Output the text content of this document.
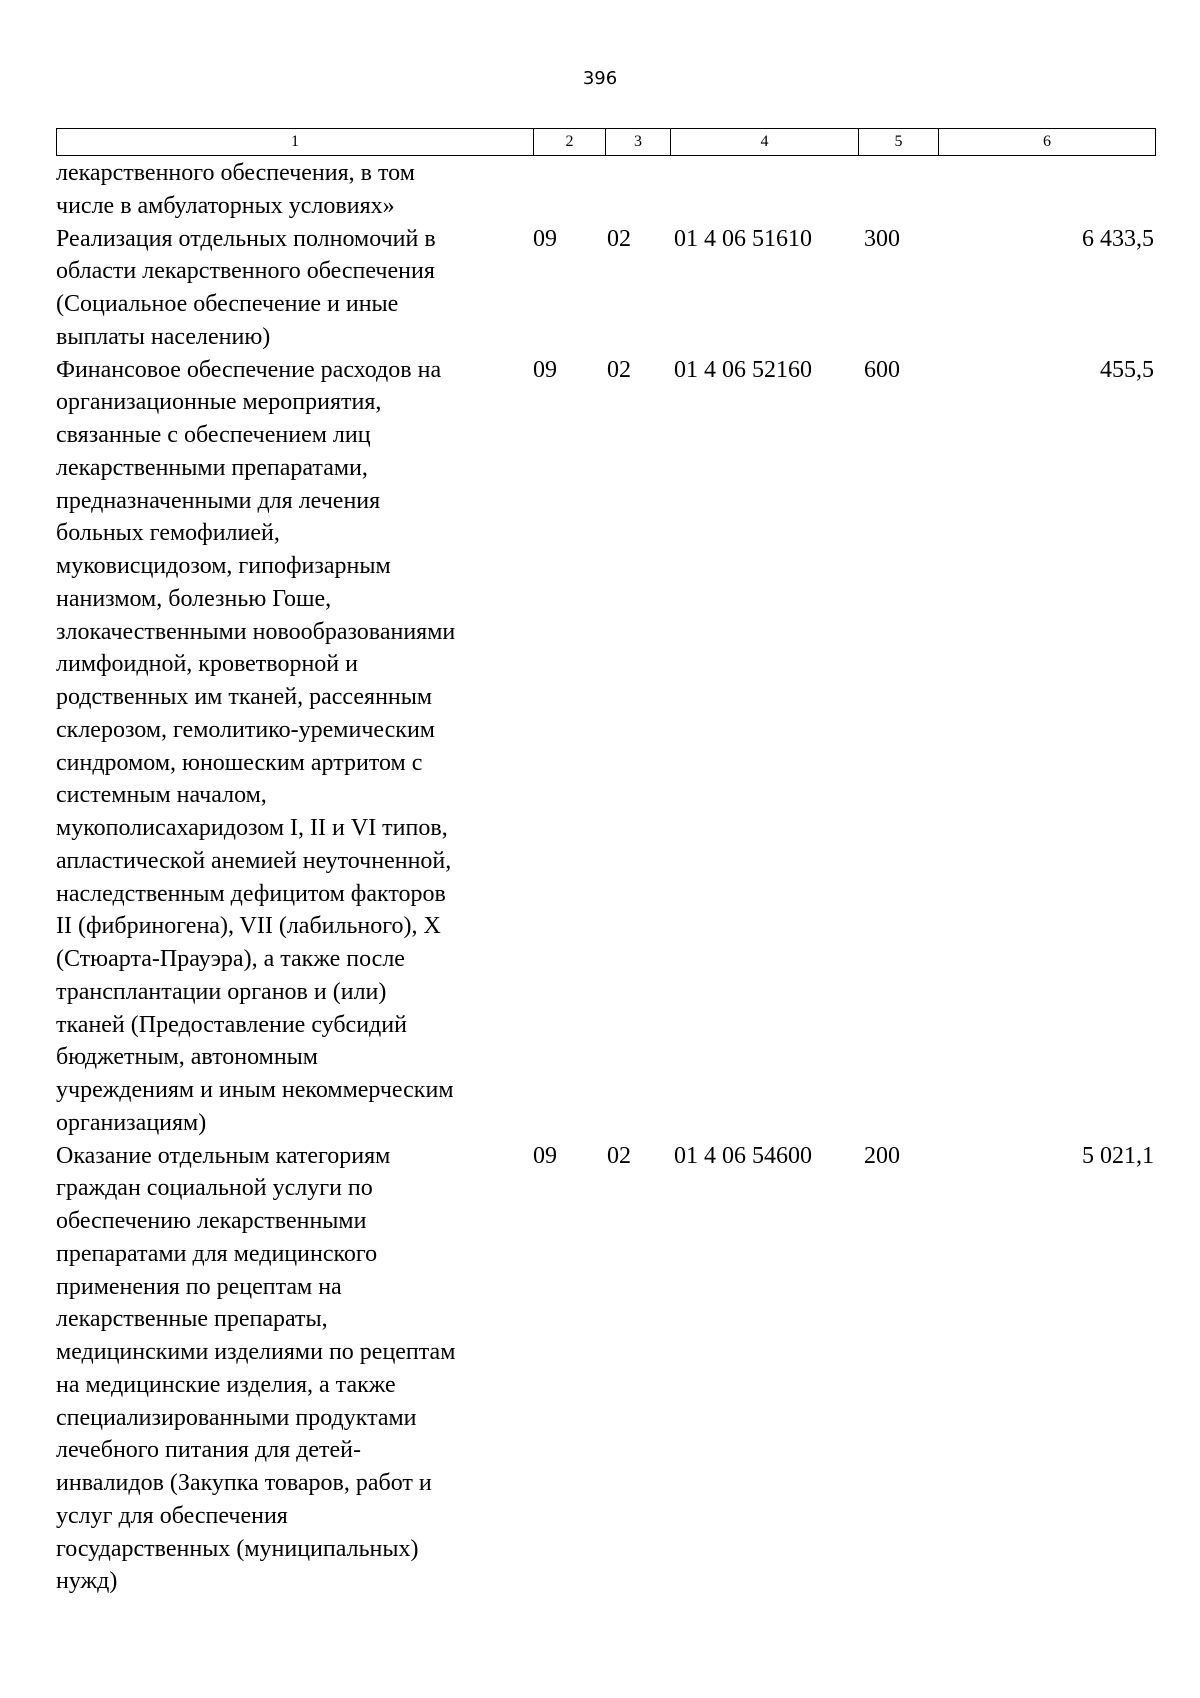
396
1	2	3	4	5	6
лекарственного обеспечения, в том
числе в амбулаторных условиях»
Реализация отдельных полномочий в
области лекарственного обеспечения
(Социальное обеспечение и иные
выплаты населению)
09	02	01 4 06 51610	300	6 433,5
Финансовое обеспечение расходов на
организационные мероприятия,
связанные с обеспечением лиц
лекарственными препаратами,
предназначенными для лечения
больных гемофилией,
муковисцидозом, гипофизарным
нанизмом, болезнью Гоше,
злокачественными новообразованиями
лимфоидной, кроветворной и
родственных им тканей, рассеянным
склерозом, гемолитико-уремическим
синдромом, юношеским артритом с
системным началом,
мукополисахаридозом I, II и VI типов,
апластической анемией неуточненной,
наследственным дефицитом факторов
II (фибриногена), VII (лабильного), X
(Стюарта-Прауэра), а также после
трансплантации органов и (или)
тканей (Предоставление субсидий
бюджетным, автономным
учреждениям и иным некоммерческим
организациям)
09	02	01 4 06 52160	600	455,5
Оказание отдельным категориям
граждан социальной услуги по
обеспечению лекарственными
препаратами для медицинского
применения по рецептам на
лекарственные препараты,
медицинскими изделиями по рецептам
на медицинские изделия, а также
специализированными продуктами
лечебного питания для детей-
инвалидов (Закупка товаров, работ и
услуг для обеспечения
государственных (муниципальных)
нужд)
09	02	01 4 06 54600	200	5 021,1
